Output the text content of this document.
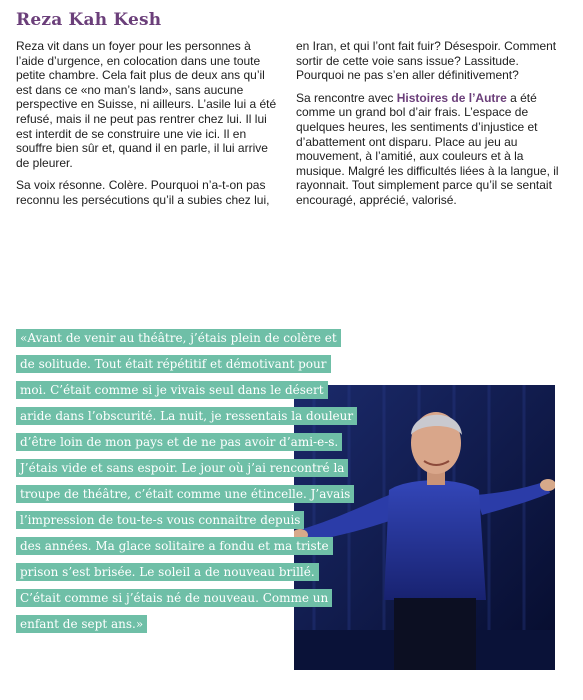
Reza Kah Kesh

Reza vit dans un foyer pour les personnes à l’aide d’urgence, en colocation dans une toute petite chambre. Cela fait plus de deux ans qu’il est dans ce «no man’s land», sans aucune perspective en Suisse, ni ailleurs. L’asile lui a été refusé, mais il ne peut pas rentrer chez lui. Il lui est interdit de se construire une vie ici. Il en souffre bien sûr et, quand il en parle, il lui arrive de pleurer.

Sa voix résonne. Colère. Pourquoi n’a-t-on pas reconnu les persécutions qu’il a subies chez lui,

en Iran, et qui l’ont fait fuir? Désespoir. Comment sortir de cette voie sans issue? Lassitude. Pourquoi ne pas s’en aller définitivement?

Sa rencontre avec Histoires de l’Autre a été comme un grand bol d’air frais. L’espace de quelques heures, les sentiments d’injustice et d’abattement ont disparu. Place au jeu au mouvement, à l’amitié, aux couleurs et à la musique. Malgré les difficultés liées à la langue, il rayonnait. Tout simplement parce qu’il se sentait encouragé, apprécié, valorisé.

«Avant de venir au théâtre, j’étais plein de colère et
de solitude. Tout était répétitif et démotivant pour
moi. C’était comme si je vivais seul dans le désert
aride dans l’obscurité. La nuit, je ressentais la douleur
d’être loin de mon pays et de ne pas avoir d’ami-e-s.
J’étais vide et sans espoir. Le jour où j’ai rencontré la
troupe de théâtre, c’était comme une étincelle. J’avais
l’impression de tou-te-s vous connaitre depuis
des années. Ma glace solitaire a fondu et ma triste
prison s’est brisée. Le soleil a de nouveau brillé.
C’était comme si j’étais né de nouveau. Comme un
enfant de sept ans.»
